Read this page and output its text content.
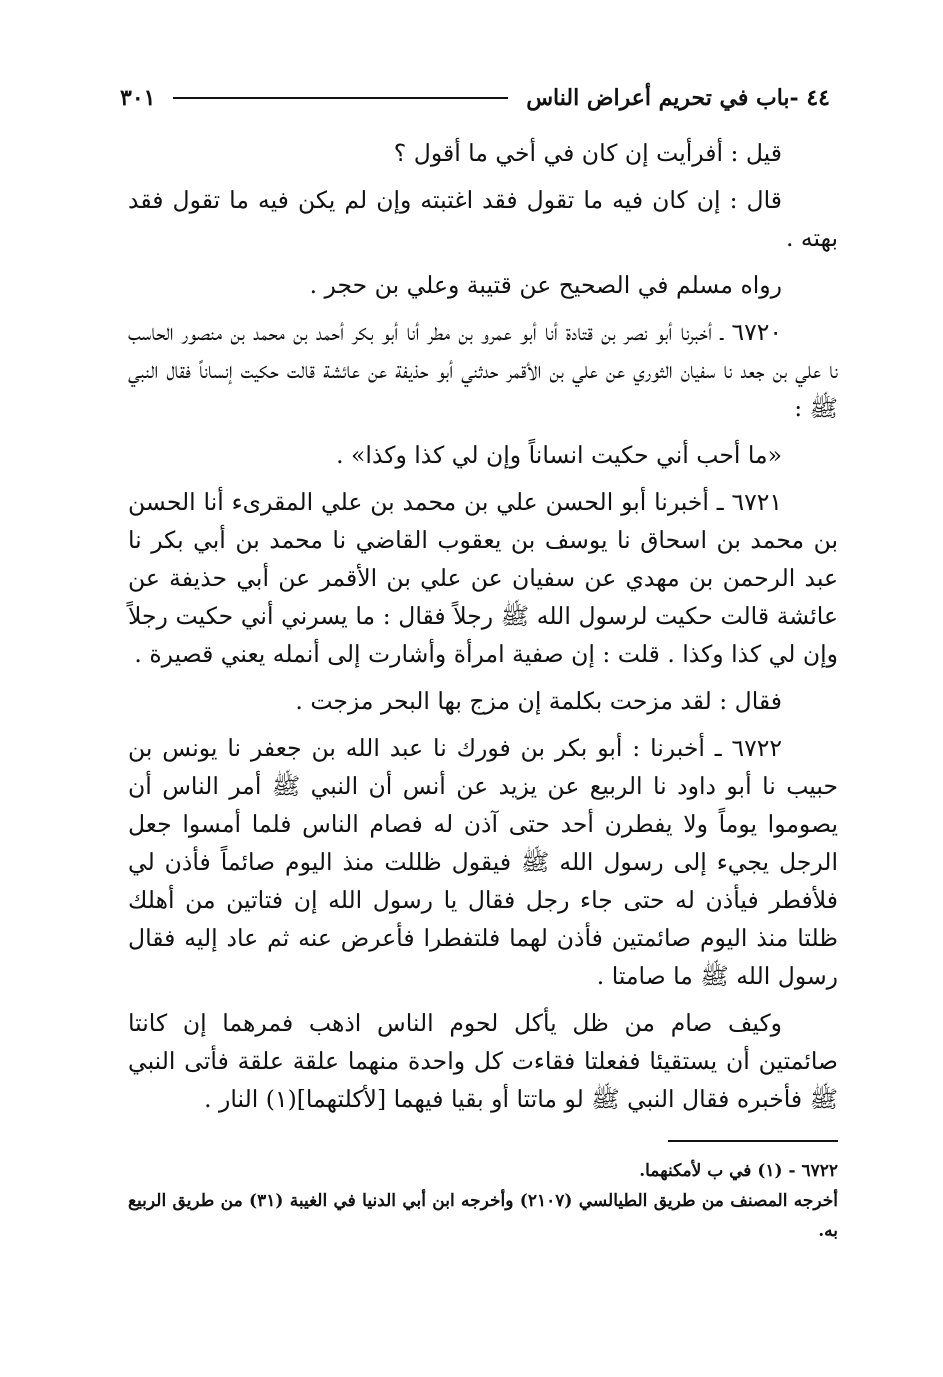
٤٤ -باب في تحريم أعراض الناس
٣٠١

قيل : أفرأيت إن كان في أخي ما أقول ؟

قال : إن كان فيه ما تقول فقد اغتبته وإن لم يكن فيه ما تقول فقد بهته .

رواه مسلم في الصحيح عن قتيبة وعلي بن حجر .

٦٧٢٠ ـ أخبرنا أبو نصر بن قتادة أنا أبو عمرو بن مطر أنا أبو بكر أحمد بن محمد بن منصور الحاسب نا علي بن جعد نا سفيان الثوري عن علي بن الأقمر حدثني أبو حذيفة عن عائشة قالت حكيت إنساناً فقال النبي ﷺ :

«ما أحب أني حكيت انساناً وإن لي كذا وكذا» .

٦٧٢١ ـ أخبرنا أبو الحسن علي بن محمد بن علي المقرىء أنا الحسن بن محمد بن اسحاق نا يوسف بن يعقوب القاضي نا محمد بن أبي بكر نا عبد الرحمن بن مهدي عن سفيان عن علي بن الأقمر عن أبي حذيفة عن عائشة قالت حكيت لرسول الله ﷺ رجلاً فقال : ما يسرني أني حكيت رجلاً وإن لي كذا وكذا . قلت : إن صفية امرأة وأشارت إلى أنمله يعني قصيرة .

فقال : لقد مزحت بكلمة إن مزج بها البحر مزجت .

٦٧٢٢ ـ أخبرنا : أبو بكر بن فورك نا عبد الله بن جعفر نا يونس بن حبيب نا أبو داود نا الربيع عن يزيد عن أنس أن النبي ﷺ أمر الناس أن يصوموا يوماً ولا يفطرن أحد حتى آذن له فصام الناس فلما أمسوا جعل الرجل يجيء إلى رسول الله ﷺ فيقول ظللت منذ اليوم صائماً فأذن لي فلأفطر فيأذن له حتى جاء رجل فقال يا رسول الله إن فتاتين من أهلك ظلتا منذ اليوم صائمتين فأذن لهما فلتفطرا فأعرض عنه ثم عاد إليه فقال رسول الله ﷺ ما صامتا .

وكيف صام من ظل يأكل لحوم الناس اذهب فمرهما إن كانتا صائمتين أن يستقيئا ففعلتا فقاءت كل واحدة منهما علقة علقة فأتى النبي ﷺ فأخبره فقال النبي ﷺ لو ماتتا أو بقيا فيهما [لأكلتهما](١) النار .

٦٧٢٢ - (١) في ب لأمكنهما.

أخرجه المصنف من طريق الطيالسي (٢١٠٧) وأخرجه ابن أبي الدنيا في الغيبة (٣١) من طريق الربيع به.
